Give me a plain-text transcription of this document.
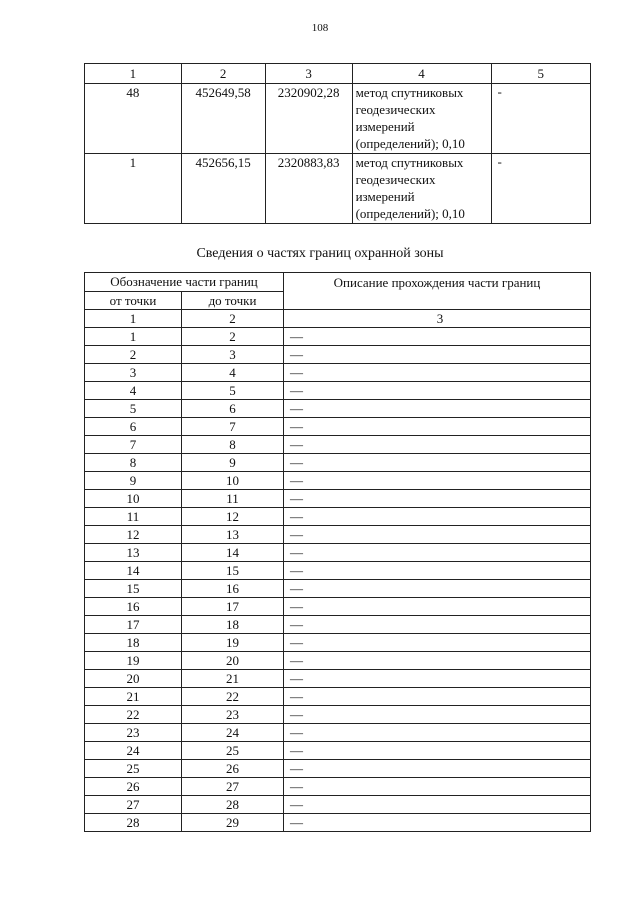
108
1	2	3	4	5
48	452649,58	2320902,28	метод спутниковых
геодезических
измерений
(определений); 0,10	-
1	452656,15	2320883,83	метод спутниковых
геодезических
измерений
(определений); 0,10	-
Сведения о частях границ охранной зоны
Обозначение части границ		Описание прохождения части границ
от точки	до точки	
1	2	3
1	2	—
2	3	—
3	4	—
4	5	—
5	6	—
6	7	—
7	8	—
8	9	—
9	10	—
10	11	—
11	12	—
12	13	—
13	14	—
14	15	—
15	16	—
16	17	—
17	18	—
18	19	—
19	20	—
20	21	—
21	22	—
22	23	—
23	24	—
24	25	—
25	26	—
26	27	—
27	28	—
28	29	—
